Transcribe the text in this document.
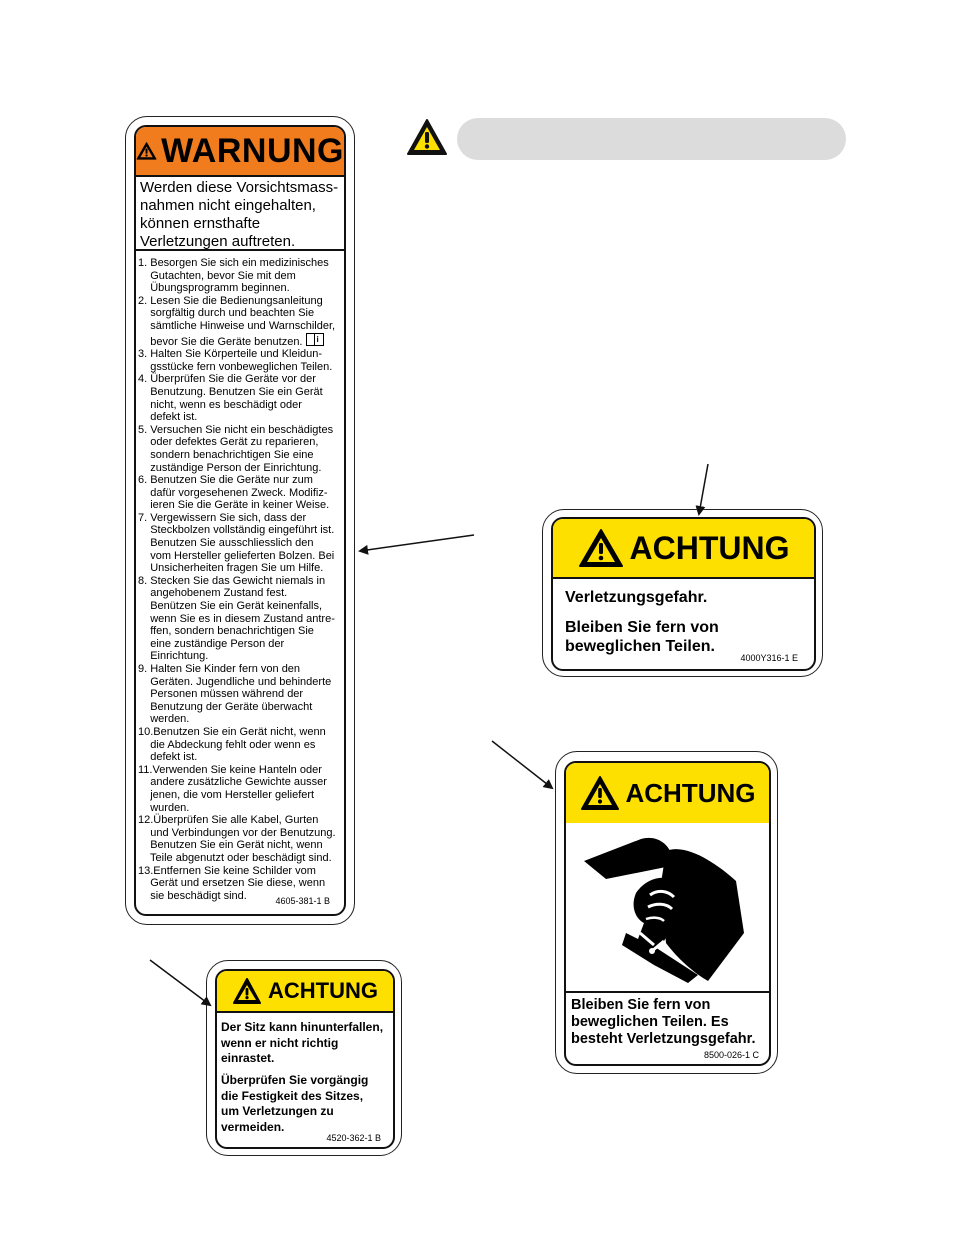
WARNUNG
Werden diese Vorsichtsmass-
nahmen nicht eingehalten,
können ernsthafte
Verletzungen auftreten.
1. Besorgen Sie sich ein medizinisches
Gutachten, bevor Sie mit dem
Übungsprogramm beginnen.
2. Lesen Sie die Bedienungsanleitung
sorgfältig durch und beachten Sie
sämtliche Hinweise und Warnschilder,
bevor Sie die Geräte benutzen. i
3. Halten Sie Körperteile und Kleidun-
gsstücke fern vonbeweglichen Teilen.
4. Überprüfen Sie die Geräte vor der
Benutzung. Benutzen Sie ein Gerät
nicht, wenn es beschädigt oder
defekt ist.
5. Versuchen Sie nicht ein beschädigtes
oder defektes Gerät zu reparieren,
sondern benachrichtigen Sie eine
zuständige Person der Einrichtung.
6. Benutzen Sie die Geräte nur zum
dafür vorgesehenen Zweck. Modifiz-
ieren Sie die Geräte in keiner Weise.
7. Vergewissern Sie sich, dass der
Steckbolzen vollständig eingeführt ist.
Benutzen Sie ausschliesslich den
vom Hersteller gelieferten Bolzen. Bei
Unsicherheiten fragen Sie um Hilfe.
8. Stecken Sie das Gewicht niemals in
angehobenem Zustand fest.
Benützen Sie ein Gerät keinenfalls,
wenn Sie es in diesem Zustand antre-
ffen, sondern benachrichtigen Sie
eine zuständige Person der
Einrichtung.
9. Halten Sie Kinder fern von den
Geräten. Jugendliche und behinderte
Personen müssen während der
Benutzung der Geräte überwacht
werden.
10.Benutzen Sie ein Gerät nicht, wenn
die Abdeckung fehlt oder wenn es
defekt ist.
11.Verwenden Sie keine Hanteln oder
andere zusätzliche Gewichte ausser
jenen, die vom Hersteller geliefert
wurden.
12.Überprüfen Sie alle Kabel, Gurten
und Verbindungen vor der Benutzung.
Benutzen Sie ein Gerät nicht, wenn
Teile abgenutzt oder beschädigt sind.
13.Entfernen Sie keine Schilder vom
Gerät und ersetzen Sie diese, wenn
sie beschädigt sind.	4605-381-1 B
ACHTUNG
Verletzungsgefahr.
Bleiben Sie fern von
beweglichen Teilen.
4000Y316-1 E
ACHTUNG
Bleiben Sie fern von
beweglichen Teilen. Es
besteht Verletzungsgefahr.
8500-026-1 C
ACHTUNG
Der Sitz kann hinunterfallen,
wenn er nicht richtig
einrastet.
Überprüfen Sie vorgängig
die Festigkeit des Sitzes,
um Verletzungen zu
vermeiden.
4520-362-1 B
